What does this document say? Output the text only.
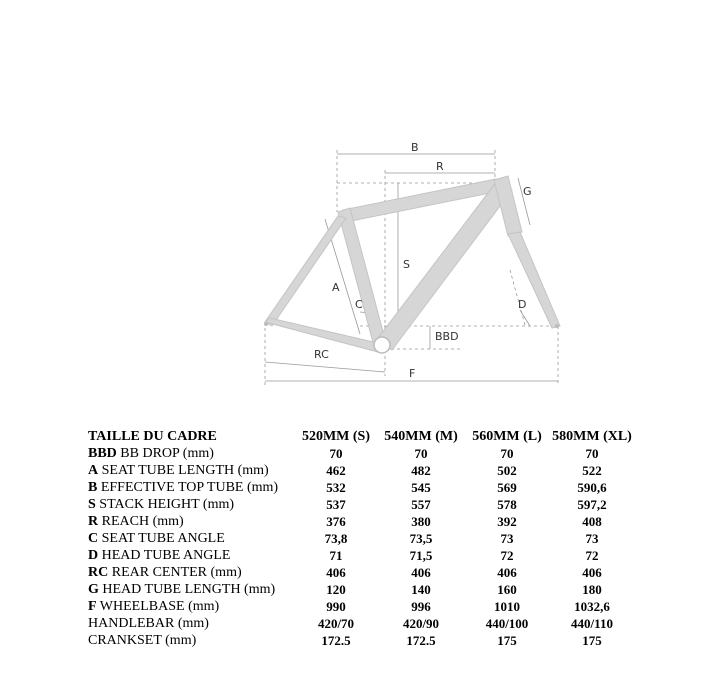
B
R
G
S
A
C	D
BBD
RC
F
TAILLE DU CADRE	520MM (S)	540MM (M)	560MM (L)	580MM (XL)
BBD BB DROP (mm)	70	70	70	70
A SEAT TUBE LENGTH (mm)	462	482	502	522
B EFFECTIVE TOP TUBE (mm)	532	545	569	590,6
S STACK HEIGHT (mm)	537	557	578	597,2
R REACH (mm)	376	380	392	408
C SEAT TUBE ANGLE	73,8	73,5	73	73
D HEAD TUBE ANGLE	71	71,5	72	72
RC REAR CENTER (mm)	406	406	406	406
G HEAD TUBE LENGTH (mm)	120	140	160	180
F WHEELBASE (mm)	990	996	1010	1032,6
HANDLEBAR (mm)	420/70	420/90	440/100	440/110
CRANKSET (mm)	172.5	172.5	175	175
